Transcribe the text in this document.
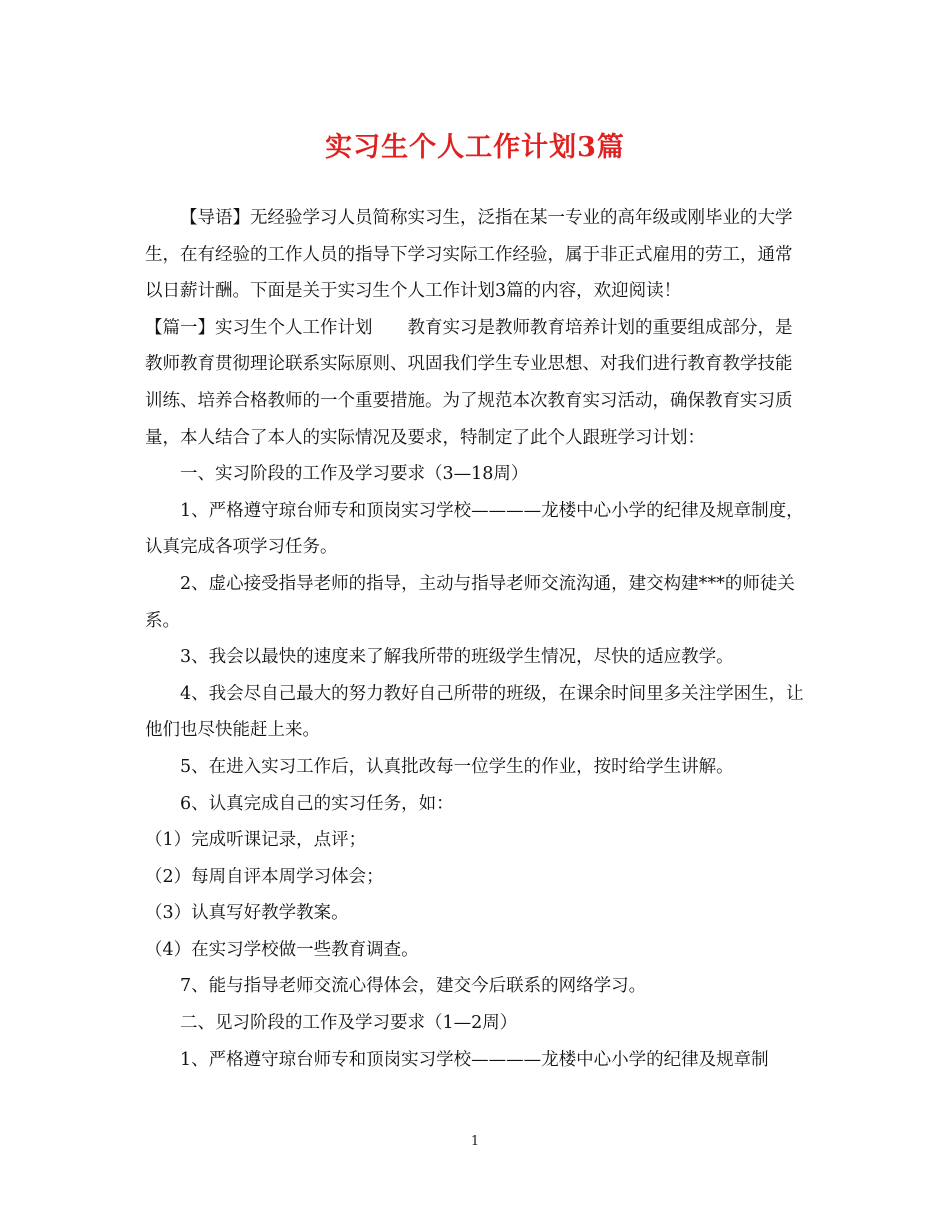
实习生个人工作计划3篇

【导语】无经验学习人员简称实习生，泛指在某一专业的高年级或刚毕业的大学生，在有经验的工作人员的指导下学习实际工作经验，属于非正式雇用的劳工，通常以日薪计酬。下面是关于实习生个人工作计划3篇的内容，欢迎阅读！

【篇一】实习生个人工作计划　　教育实习是教师教育培养计划的重要组成部分，是教师教育贯彻理论联系实际原则、巩固我们学生专业思想、对我们进行教育教学技能训练、培养合格教师的一个重要措施。为了规范本次教育实习活动，确保教育实习质量，本人结合了本人的实际情况及要求，特制定了此个人跟班学习计划：

一、实习阶段的工作及学习要求（3—18周）

1、严格遵守琼台师专和顶岗实习学校————龙楼中心小学的纪律及规章制度，认真完成各项学习任务。

2、虚心接受指导老师的指导，主动与指导老师交流沟通，建交构建***的师徒关系。

3、我会以最快的速度来了解我所带的班级学生情况，尽快的适应教学。

4、我会尽自己最大的努力教好自己所带的班级，在课余时间里多关注学困生，让他们也尽快能赶上来。

5、在进入实习工作后，认真批改每一位学生的作业，按时给学生讲解。

6、认真完成自己的实习任务，如：

（1）完成听课记录，点评；

（2）每周自评本周学习体会；

（3）认真写好教学教案。

（4）在实习学校做一些教育调查。

7、能与指导老师交流心得体会，建交今后联系的网络学习。

二、见习阶段的工作及学习要求（1—2周）

1、严格遵守琼台师专和顶岗实习学校————龙楼中心小学的纪律及规章制

1
